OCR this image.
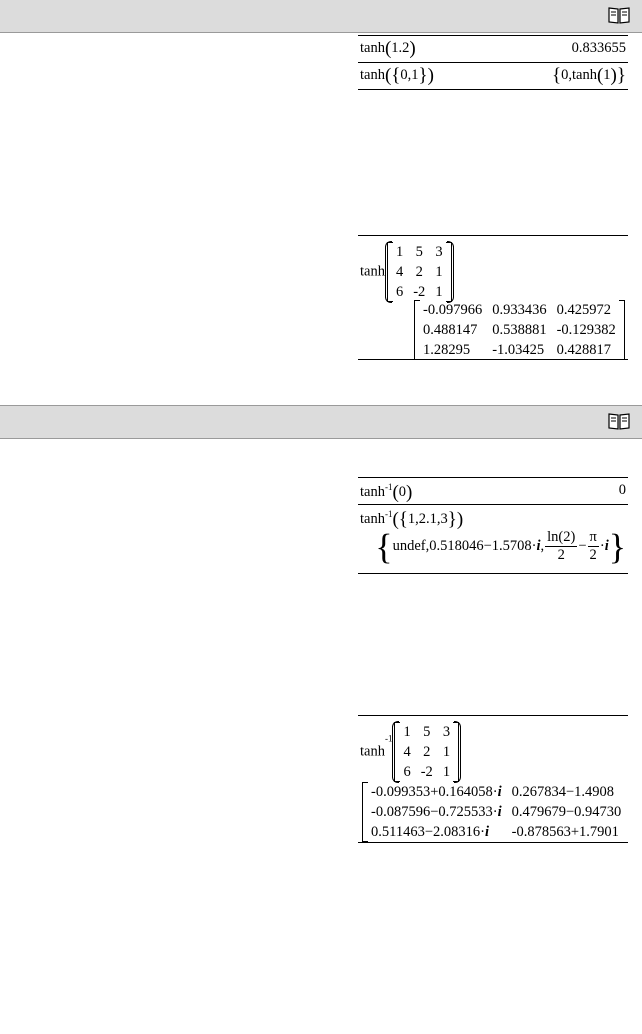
tanh(1.2)	0.833655
tanh({0,1})	{0,tanh(1)}
tanh
1	5	3
4	2	1
6	-2	1
-0.097966	0.933436	0.425972
0.488147	0.538881	-0.129382
1.28295	-1.03425	0.428817
$\tanh^{-1}(0)$	0
$\tanh^{-1}(\{1,2.1,3\})$
{undef,0.518046−1.5708·i, $\frac{\ln(2)}{2} - \frac{\pi}{2} \cdot i$}
$\tanh^{-1} 1$	5	3
4	2	1
6	-2	1
-0.099353+0.164058·i	0.267834−1.4908
-0.087596−0.725533·i	0.479679−0.94730
0.511463−2.08316·i	-0.878563+1.7901
